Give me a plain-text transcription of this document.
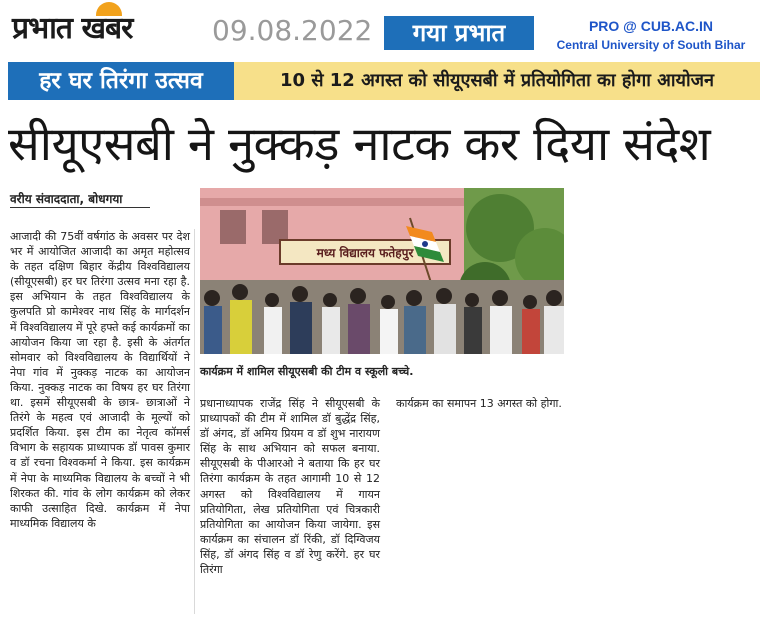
प्रभात खबर	09.08.2022	गया प्रभात	PRO @ CUB.AC.IN
Central University of South Bihar
हर घर तिरंगा उत्सव	10 से 12 अगस्त को सीयूएसबी में प्रतियोगिता का होगा आयोजन
सीयूएसबी ने नुक्कड़ नाटक कर दिया संदेश
वरीय संवाददाता, बोधगया
मध्य विद्यालय फतेहपुर
कार्यक्रम में शामिल सीयूएसबी की टीम व स्कूली बच्चे.
आजादी की 75वीं वर्षगांठ के अवसर पर देश भर में आयोजित आजादी का अमृत महोत्सव के तहत दक्षिण बिहार केंद्रीय विश्वविद्यालय (सीयूएसबी) हर घर तिरंगा उत्सव मना रहा है. इस अभियान के तहत विश्वविद्यालय के कुलपति प्रो कामेश्वर नाथ सिंह के मार्गदर्शन में विश्वविद्यालय में पूरे हफ्ते कई कार्यक्रमों का आयोजन किया जा रहा है. इसी के अंतर्गत सोमवार को विश्वविद्यालय के विद्यार्थियों ने नेपा गांव में नुक्कड़ नाटक का आयोजन किया. नुक्कड़ नाटक का विषय हर घर तिरंगा था. इसमें सीयूएसबी के छात्र- छात्राओं ने तिरंगे के महत्व एवं आजादी के मूल्यों को प्रदर्शित किया. इस टीम का नेतृत्व कॉमर्स विभाग के सहायक प्राध्यापक डॉ पावस कुमार व डॉ रचना विश्वकर्मा ने किया. इस कार्यक्रम में नेपा के माध्यमिक विद्यालय के बच्चों ने भी शिरकत की. गांव के लोग कार्यक्रम को लेकर काफी उत्साहित दिखे. कार्यक्रम में नेपा माध्यमिक विद्यालय के
प्रधानाध्यापक राजेंद्र सिंह ने सीयूएसबी के प्राध्यापकों की टीम में शामिल डॉ बुद्धेंद्र सिंह, डॉ अंगद, डॉ अमिय प्रियम व डॉ शुभ नारायण सिंह के साथ अभियान को सफल बनाया. सीयूएसबी के पीआरओ ने बताया कि हर घर तिरंगा कार्यक्रम के तहत आगामी 10 से 12 अगस्त को विश्वविद्यालय में गायन प्रतियोगिता, लेख प्रतियोगिता एवं चित्रकारी प्रतियोगिता का आयोजन किया जायेगा. इस कार्यक्रम का संचालन डॉ रिंकी, डॉ दिग्विजय सिंह, डॉ अंगद सिंह व डॉ रेणु करेंगे. हर घर तिरंगा
कार्यक्रम का समापन 13 अगस्त को होगा.
